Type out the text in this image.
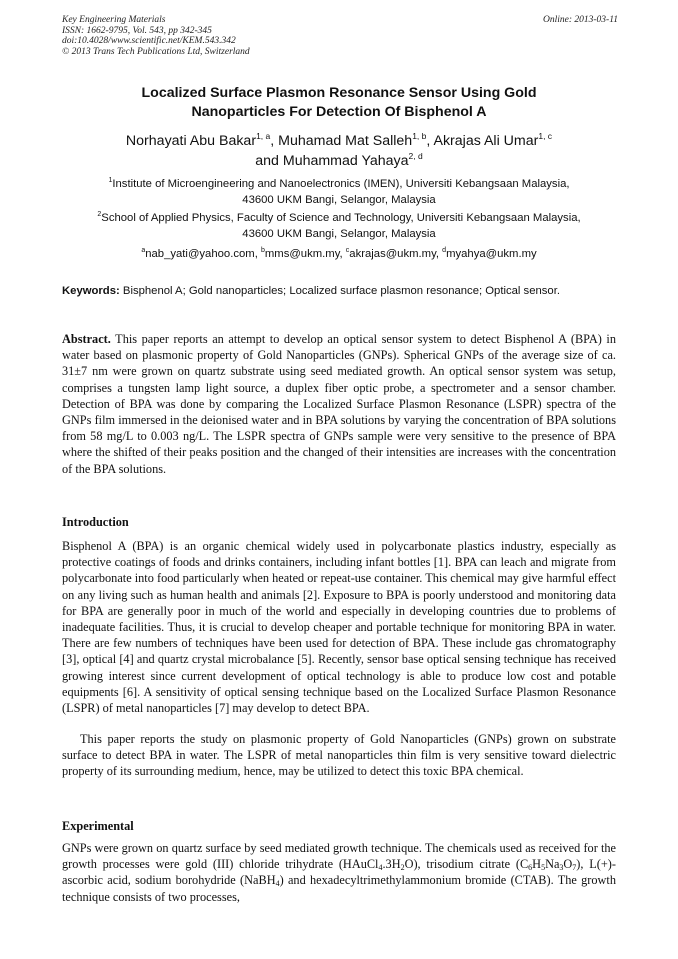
Key Engineering Materials
ISSN: 1662-9795, Vol. 543, pp 342-345
doi:10.4028/www.scientific.net/KEM.543.342
© 2013 Trans Tech Publications Ltd, Switzerland
Online: 2013-03-11
Localized Surface Plasmon Resonance Sensor Using Gold
Nanoparticles For Detection Of Bisphenol A
Norhayati Abu Bakar$^{1, a}$, Muhamad Mat Salleh$^{1, b}$, Akrajas Ali Umar$^{1, c}$
and Muhammad Yahaya$^{2, d}$
$^1$Institute of Microengineering and Nanoelectronics (IMEN), Universiti Kebangsaan Malaysia,
43600 UKM Bangi, Selangor, Malaysia
$^2$School of Applied Physics, Faculty of Science and Technology, Universiti Kebangsaan Malaysia,
43600 UKM Bangi, Selangor, Malaysia
$^a$nab_yati@yahoo.com, $^b$mms@ukm.my, $^c$akrajas@ukm.my, $^d$myahya@ukm.my
Keywords: Bisphenol A; Gold nanoparticles; Localized surface plasmon resonance; Optical sensor.

Abstract. This paper reports an attempt to develop an optical sensor system to detect Bisphenol A (BPA) in water based on plasmonic property of Gold Nanoparticles (GNPs). Spherical GNPs of the average size of ca. 31±7 nm were grown on quartz substrate using seed mediated growth. An optical sensor system was setup, comprises a tungsten lamp light source, a duplex fiber optic probe, a spectrometer and a sensor chamber. Detection of BPA was done by comparing the Localized Surface Plasmon Resonance (LSPR) spectra of the GNPs film immersed in the deionised water and in BPA solutions by varying the concentration of BPA solutions from 58 mg/L to 0.003 ng/L. The LSPR spectra of GNPs sample were very sensitive to the presence of BPA where the shifted of their peaks position and the changed of their intensities are increases with the concentration of the BPA solutions.

Introduction

Bisphenol A (BPA) is an organic chemical widely used in polycarbonate plastics industry, especially as protective coatings of foods and drinks containers, including infant bottles [1]. BPA can leach and migrate from polycarbonate into food particularly when heated or repeat-use container. This chemical may give harmful effect on any living such as human health and animals [2]. Exposure to BPA is poorly understood and monitoring data for BPA are generally poor in much of the world and especially in developing countries due to problems of inadequate facilities. Thus, it is crucial to develop cheaper and portable technique for monitoring BPA in water. There are few numbers of techniques have been used for detection of BPA. These include gas chromatography [3], optical [4] and quartz crystal microbalance [5]. Recently, sensor base optical sensing technique has received growing interest since current development of optical technology is able to produce low cost and potable equipments [6]. A sensitivity of optical sensing technique based on the Localized Surface Plasmon Resonance (LSPR) of metal nanoparticles [7] may develop to detect BPA.

This paper reports the study on plasmonic property of Gold Nanoparticles (GNPs) grown on substrate surface to detect BPA in water. The LSPR of metal nanoparticles thin film is very sensitive toward dielectric property of its surrounding medium, hence, may be utilized to detect this toxic BPA chemical.

Experimental

GNPs were grown on quartz surface by seed mediated growth technique. The chemicals used as received for the growth processes were gold (III) chloride trihydrate $(HAuCl_4.3H_2O)$, trisodium citrate $(C_6H_5Na_3O_7)$, L(+)-ascorbic acid, sodium borohydride (NaBH$_4$) and hexadecyltrimethylammonium bromide (CTAB). The growth technique consists of two processes,
